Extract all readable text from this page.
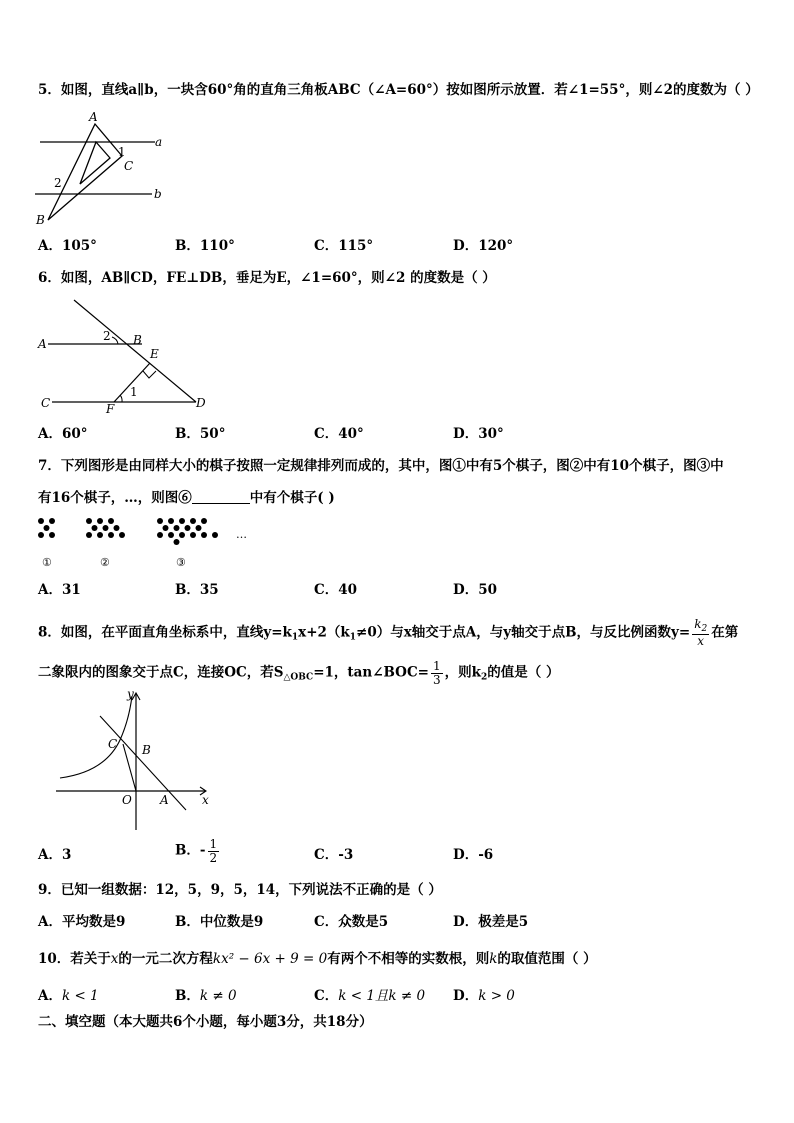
5．如图，直线a∥b，一块含60°角的直角三角板ABC（∠A=60°）按如图所示放置．若∠1=55°，则∠2的度数为（ ）
A
B
C
a
b
1
2
A．105°	B．110°	C．115°	D．120°
6．如图，AB∥CD，FE⊥DB，垂足为E，∠1=60°，则∠2 的度数是（ ）
A	B
C	D
E
F
1
2
A．60°	B．50°	C．40°	D．30°
7．下列图形是由同样大小的棋子按照一定规律排列而成的，其中，图①中有5个棋子，图②中有10个棋子，图③中
有16个棋子，…，则图⑥	中有个棋子( )
…
①	②	③
A．31	B．35	C．40	D．50
8．如图，在平面直角坐标系中，直线$y=k_1x+2(k_1\ne 0)$与x轴交于点A，与y轴交于点B，与反比例函数$y= \frac{k_2}{x}$ 在第
二象限内的图象交于点C，连接OC，若$S_{\triangle OBC}=1$，tan∠BOC= $\frac{1}{3}$ ，则$k_2$的值是（ ）
y
x
O A
B
C
A．3	B．- $\frac{1}{2}$	C．-3	D．-6
9．已知一组数据：12，5，9，5，14，下列说法不正确的是（ ）
A．平均数是9	B．中位数是9	C．众数是5	D．极差是5
10．若关于x的一元二次方程kx² − 6x + 9 = 0有两个不相等的实数根，则k的取值范围（ ）
A．k < 1	B．k ≠ 0	C．k < 1且k ≠ 0 D．k > 0
二、填空题（本大题共6个小题，每小题3分，共18分）
